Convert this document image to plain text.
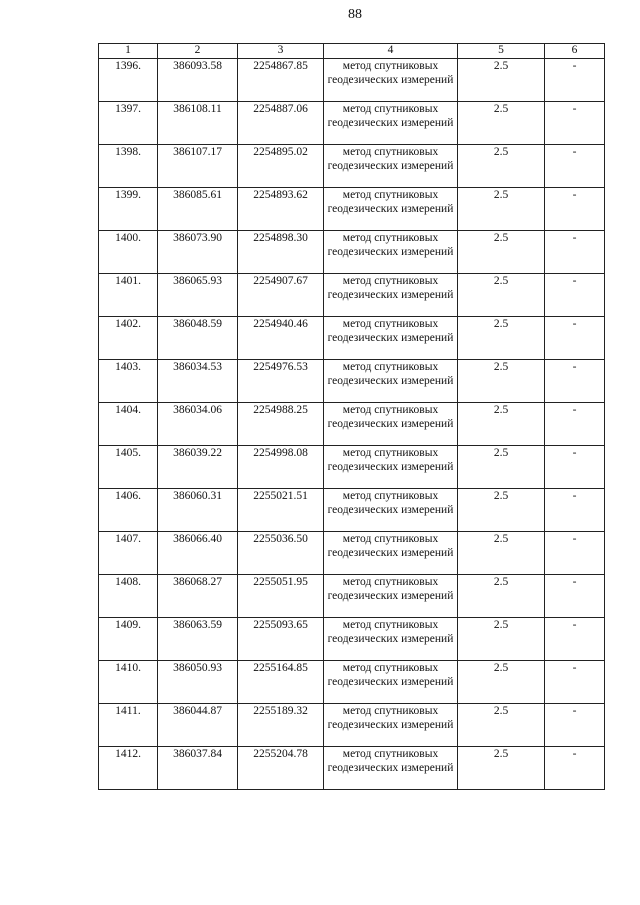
88
1	2	3	4	5	6
1396.	386093.58	2254867.85	метод спутниковых геодезических измерений	2.5	-
1397.	386108.11	2254887.06	метод спутниковых геодезических измерений	2.5	-
1398.	386107.17	2254895.02	метод спутниковых геодезических измерений	2.5	-
1399.	386085.61	2254893.62	метод спутниковых геодезических измерений	2.5	-
1400.	386073.90	2254898.30	метод спутниковых геодезических измерений	2.5	-
1401.	386065.93	2254907.67	метод спутниковых геодезических измерений	2.5	-
1402.	386048.59	2254940.46	метод спутниковых геодезических измерений	2.5	-
1403.	386034.53	2254976.53	метод спутниковых геодезических измерений	2.5	-
1404.	386034.06	2254988.25	метод спутниковых геодезических измерений	2.5	-
1405.	386039.22	2254998.08	метод спутниковых геодезических измерений	2.5	-
1406.	386060.31	2255021.51	метод спутниковых геодезических измерений	2.5	-
1407.	386066.40	2255036.50	метод спутниковых геодезических измерений	2.5	-
1408.	386068.27	2255051.95	метод спутниковых геодезических измерений	2.5	-
1409.	386063.59	2255093.65	метод спутниковых геодезических измерений	2.5	-
1410.	386050.93	2255164.85	метод спутниковых геодезических измерений	2.5	-
1411.	386044.87	2255189.32	метод спутниковых геодезических измерений	2.5	-
1412.	386037.84	2255204.78	метод спутниковых геодезических измерений	2.5	-
